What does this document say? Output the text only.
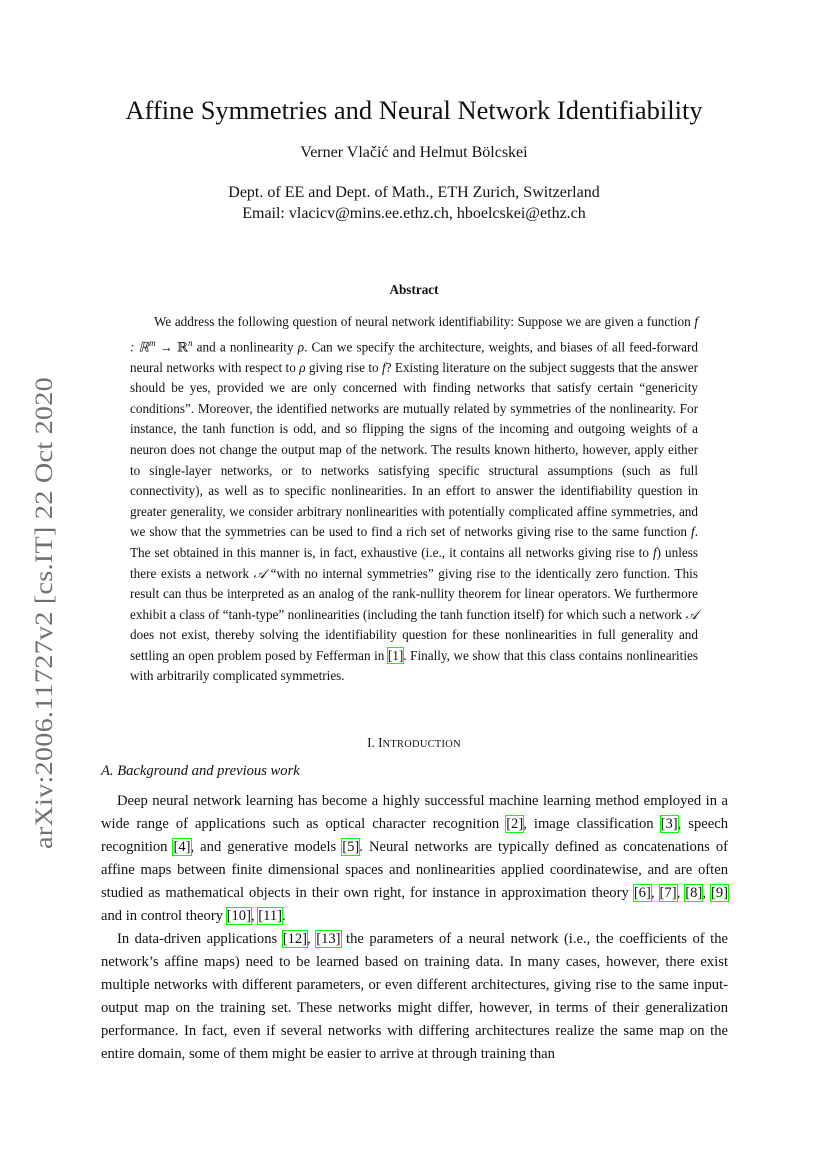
arXiv:2006.11727v2 [cs.IT] 22 Oct 2020
Affine Symmetries and Neural Network Identifiability
Verner Vlačić and Helmut Bölcskei
Dept. of EE and Dept. of Math., ETH Zurich, Switzerland
Email: vlacicv@mins.ee.ethz.ch, hboelcskei@ethz.ch
Abstract

We address the following question of neural network identifiability: Suppose we are given a function f : ℝ$^m$ → ℝ$^n$ and a nonlinearity ρ. Can we specify the architecture, weights, and biases of all feed-forward neural networks with respect to ρ giving rise to f? Existing literature on the subject suggests that the answer should be yes, provided we are only concerned with finding networks that satisfy certain “genericity conditions”. Moreover, the identified networks are mutually related by symmetries of the nonlinearity. For instance, the tanh function is odd, and so flipping the signs of the incoming and outgoing weights of a neuron does not change the output map of the network. The results known hitherto, however, apply either to single-layer networks, or to networks satisfying specific structural assumptions (such as full connectivity), as well as to specific nonlinearities. In an effort to answer the identifiability question in greater generality, we consider arbitrary nonlinearities with potentially complicated affine symmetries, and we show that the symmetries can be used to find a rich set of networks giving rise to the same function f. The set obtained in this manner is, in fact, exhaustive (i.e., it contains all networks giving rise to f) unless there exists a network 𝒜 “with no internal symmetries” giving rise to the identically zero function. This result can thus be interpreted as an analog of the rank-nullity theorem for linear operators. We furthermore exhibit a class of “tanh-type” nonlinearities (including the tanh function itself) for which such a network 𝒜 does not exist, thereby solving the identifiability question for these nonlinearities in full generality and settling an open problem posed by Fefferman in [1]. Finally, we show that this class contains nonlinearities with arbitrarily complicated symmetries.

I. INTRODUCTION
A. Background and previous work

Deep neural network learning has become a highly successful machine learning method employed in a wide range of applications such as optical character recognition [2], image classification [3], speech recognition [4], and generative models [5]. Neural networks are typically defined as concatenations of affine maps between finite dimensional spaces and nonlinearities applied coordinatewise, and are often studied as mathematical objects in their own right, for instance in approximation theory [6], [7], [8], [9] and in control theory [10], [11].

In data-driven applications [12], [13] the parameters of a neural network (i.e., the coefficients of the network’s affine maps) need to be learned based on training data. In many cases, however, there exist multiple networks with different parameters, or even different architectures, giving rise to the same input-output map on the training set. These networks might differ, however, in terms of their generalization performance. In fact, even if several networks with differing architectures realize the same map on the entire domain, some of them might be easier to arrive at through training than
